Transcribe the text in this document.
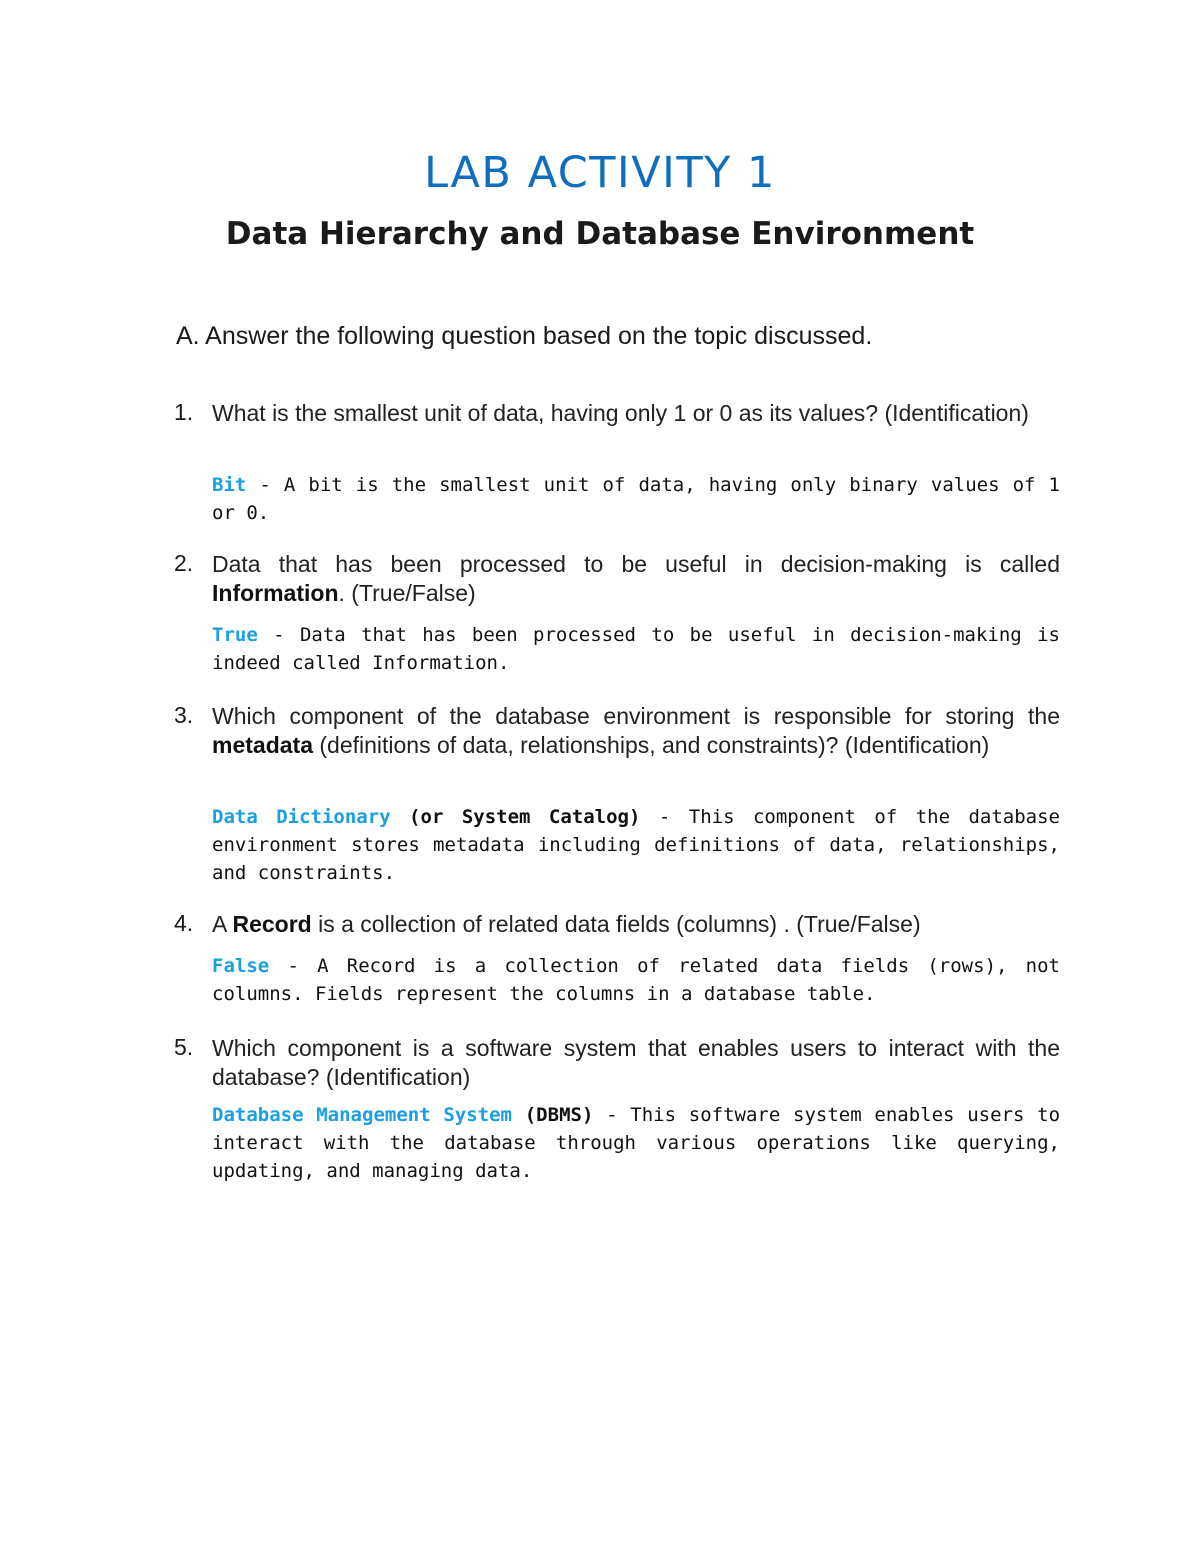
LAB ACTIVITY 1
Data Hierarchy and Database Environment

A. Answer the following question based on the topic discussed.

1. What is the smallest unit of data, having only 1 or 0 as its values? (Identification)
Bit - A bit is the smallest unit of data, having only binary values of 1 or 0.
2. Data that has been processed to be useful in decision-making is called Information. (True/False)
True - Data that has been processed to be useful in decision-making is indeed called Information.
3. Which component of the database environment is responsible for storing the metadata (definitions of data, relationships, and constraints)? (Identification)
Data Dictionary (or System Catalog) - This component of the database environment stores metadata including definitions of data, relationships, and constraints.
4. A Record is a collection of related data fields (columns) . (True/False)
False - A Record is a collection of related data fields (rows), not columns. Fields represent the columns in a database table.
5. Which component is a software system that enables users to interact with the database? (Identification)
Database Management System (DBMS) - This software system enables users to interact with the database through various operations like querying, updating, and managing data.
